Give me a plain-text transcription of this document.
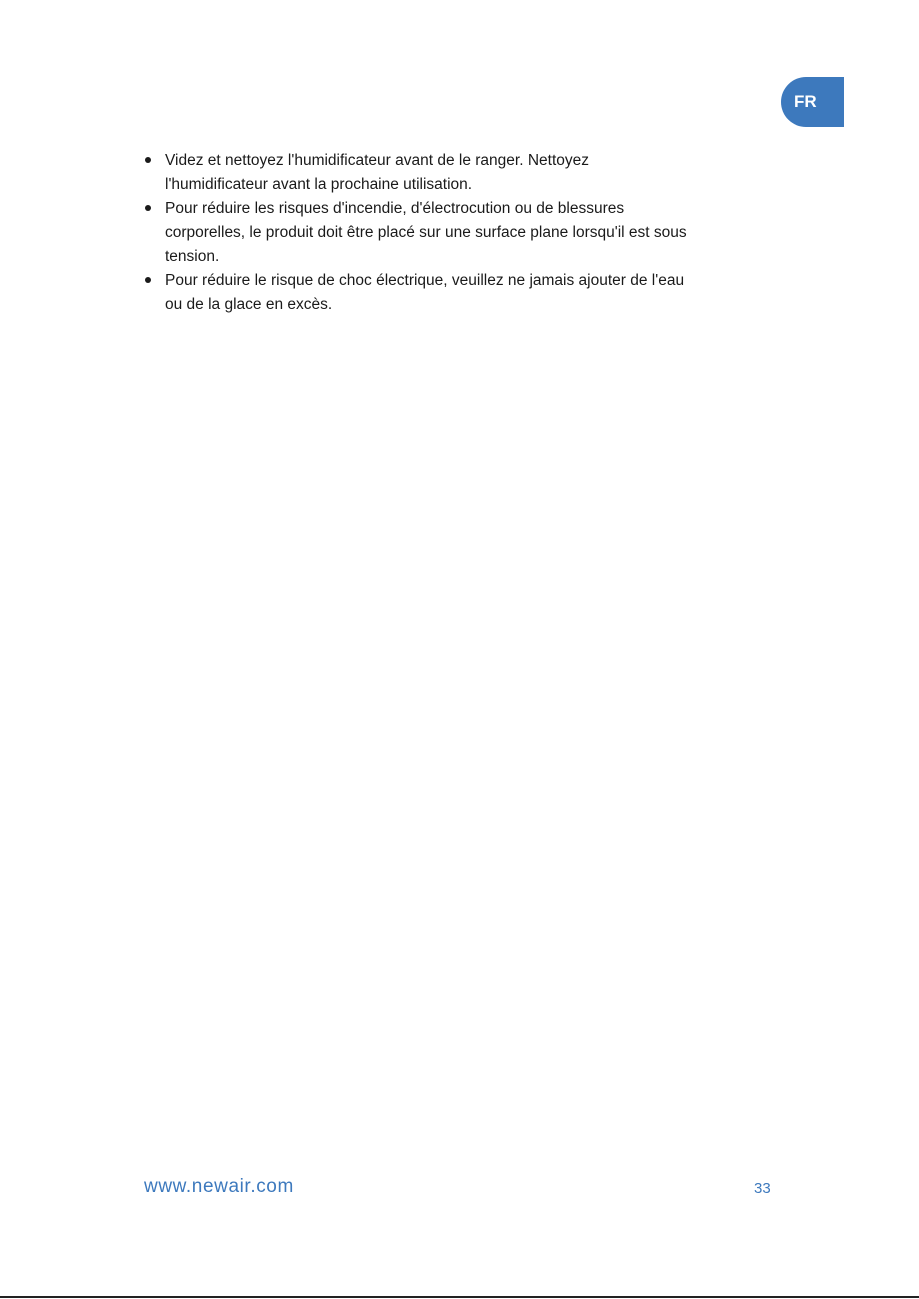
FR
Videz et nettoyez l'humidificateur avant de le ranger. Nettoyez
l'humidificateur avant la prochaine utilisation.
Pour réduire les risques d'incendie, d'électrocution ou de blessures
corporelles, le produit doit être placé sur une surface plane lorsqu'il est sous
tension.
Pour réduire le risque de choc électrique, veuillez ne jamais ajouter de l'eau
ou de la glace en excès.
www.newair.com	33
